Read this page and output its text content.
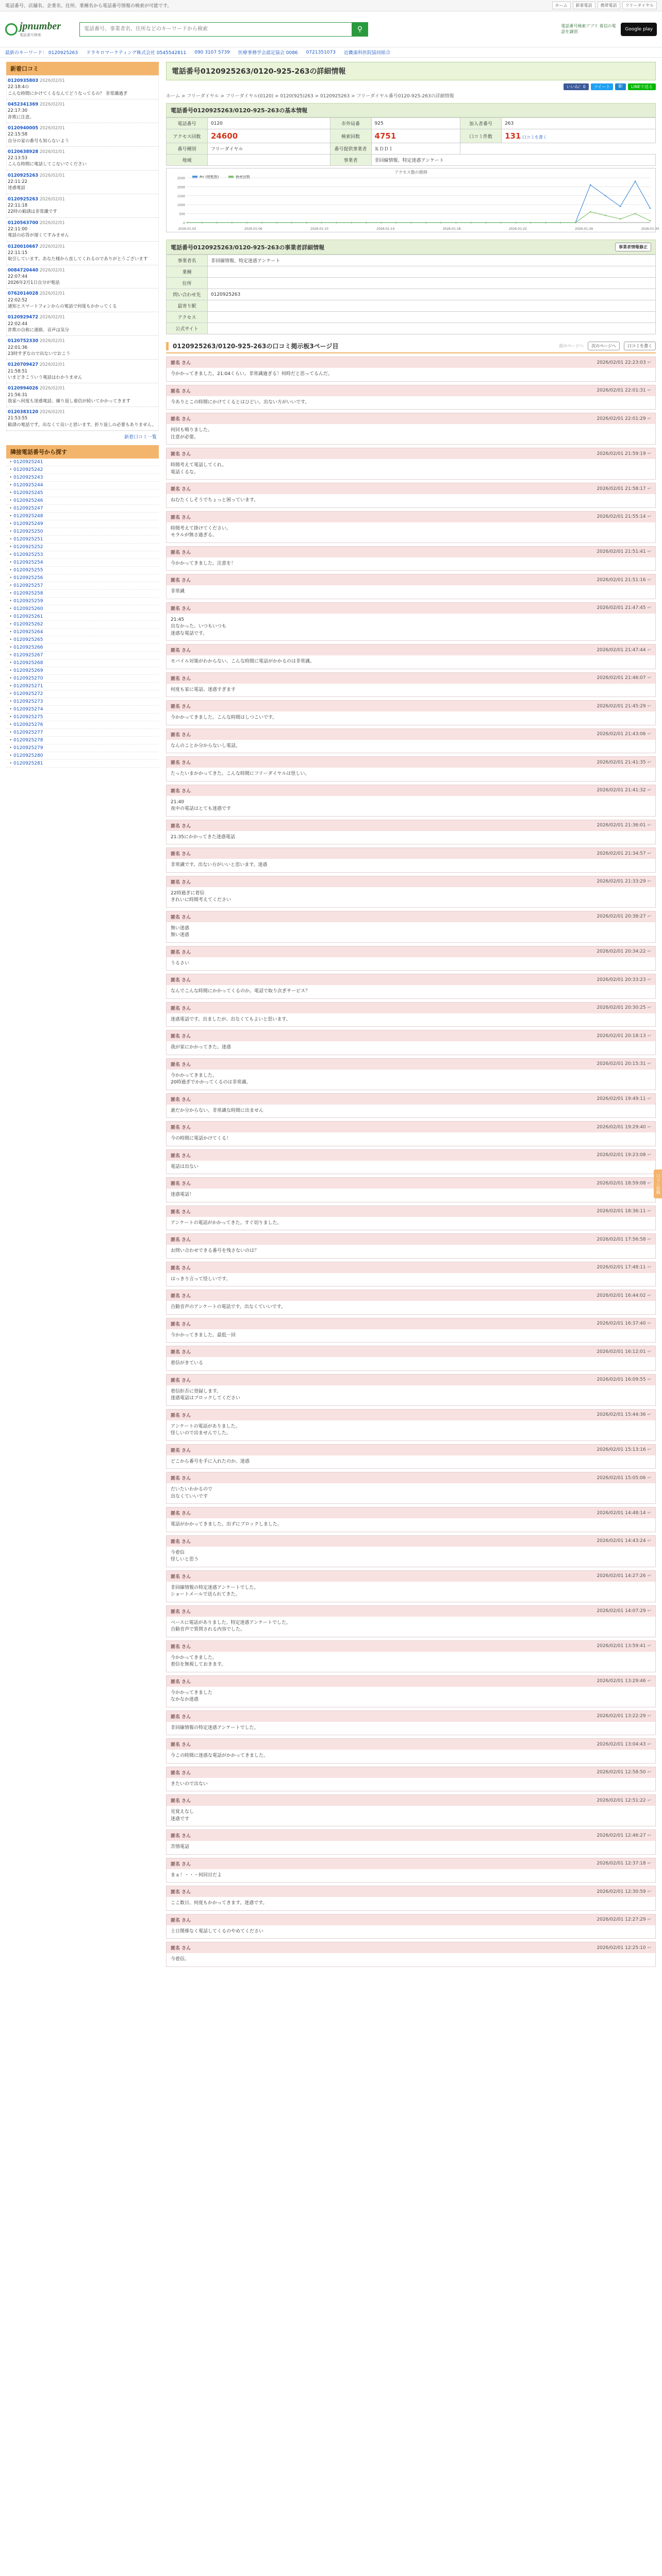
電話番号、店舗名、企業名、住所、業種名から電話番号情報の検索が可能です。	ホーム	新着電話	携帯電話	フリーダイヤル
jpnumber
電話番号検索
電話番号、事業者名、住所などのキーワードから検索
⚲	電話番号検索アプリ 着信の電話を識別	Google play
最新のキーワード： 0120925263 ドラキロマーケティング株式会社 0545542811 090 3107 5739 医療事務学会認定協会 0086 0721351073 近畿歯科医院協同組合
新着口コミ
0120935803 2026/02/01
22:18:4の
こんな時間にかけてくるなんてどうなってるの？ 非常識過ぎ
0452341369 2026/02/01
22:17:30
詐欺に注意。
0120940005 2026/02/01
22:15:58
自分の家の番号も知らないよう
0120638928 2026/02/01
22:13:53
こんな時間に電話してこないでください
0120925263 2026/02/01
22:11:22
迷惑電話
0120925263 2026/02/01
22:11:18
22時の勧誘は非常識です
0120563700 2026/02/01
22:11:00
電話の応答が遅くてすみません
0120010667 2026/02/01
22:11:15
取引しています。あなた様から直してくれるのでありがとうございます
0084720440 2026/02/01
22:07:44
2026年2月1日自分が電話
0762014028 2026/02/01
22:02:52
通知とスマートフォンからの電話で何度もかかってくる
0120929472 2026/02/01
22:02:44
詐欺の自称に連絡、音声は気分
0120752330 2026/02/01
22:01:36
23時すぎなので出ないでおこう
0120709427 2026/02/01
21:58:51
いまどきこういう電話はわかりません
0120994026 2026/02/01
21:56:31
我家へ何度も迷惑電話、繰り返し着信が続いてかかってきます
0120383120 2026/02/01
21:53:55
勧誘の電話です。出なくて良いと思います。折り返しの必要もありません。
新着口コミ一覧
隣接電話番号から探す
• 0120925241
• 0120925242
• 0120925243
• 0120925244
• 0120925245
• 0120925246
• 0120925247
• 0120925248
• 0120925249
• 0120925250
• 0120925251
• 0120925252
• 0120925253
• 0120925254
• 0120925255
• 0120925256
• 0120925257
• 0120925258
• 0120925259
• 0120925260
• 0120925261
• 0120925262
• 0120925264
• 0120925265
• 0120925266
• 0120925267
• 0120925268
• 0120925269
• 0120925270
• 0120925271
• 0120925272
• 0120925273
• 0120925274
• 0120925275
• 0120925276
• 0120925277
• 0120925278
• 0120925279
• 0120925280
• 0120925281
電話番号0120925263/0120-925-263の詳細情報
いいね！0	ツイート	B!	LINEで送る
ホーム > フリーダイヤル > フリーダイヤル(0120) > 0120(925)263 > 0120925263 > フリーダイヤル番号0120-925-263の詳細情報
電話番号0120925263/0120-925-263の基本情報
電話番号	0120	市外局番	925	加入者番号	263
アクセス回数	24600	検索回数	4751	口コミ件数	131 口コミを書く
番号種別	フリーダイヤル	番号提供事業者	ＫＤＤＩ		
地域		事業者	非回線情報、特定迷惑アンケート		
アクセス数の推移
PV (閲覧数)	検索回数
0
500
1000
1500
2000
2500
2026-01-02	2026-01-06	2026-01-10	2026-01-14	2026-01-18	2026-01-22	2026-01-26	2026-01-30
電話番号0120925263/0120-925-263の事業者詳細情報	事業者情報修正
事業者名	非回線情報、特定迷惑アンケート
業種	
住所	
問い合わせ先	0120925263
最寄り駅	
アクセス	
公式サイト	
0120925263/0120-925-263の口コミ掲示板3ページ目	前のページへ	次のページへ	口コミを書く
匿名 さん	2026/02/01 22:23:03 ↩
今かかってきました。21:04くらい。非常識過ぎる！何時だと思ってるんだ。
匿名 さん	2026/02/01 22:01:31 ↩
今ありとこの時間にかけてくるとはひどい。出ない方がいいです。
匿名 さん	2026/02/01 22:01:29 ↩
何回も鳴りました。
注意が必要。
匿名 さん	2026/02/01 21:59:19 ↩
時間考えて電話してくれ。
電話くるな。
匿名 さん	2026/02/01 21:58:17 ↩
ねむたくしそうでちょっと困っています。
匿名 さん	2026/02/01 21:55:14 ↩
時間考えて掛けてください。
モラルが無さ過ぎる。
匿名 さん	2026/02/01 21:51:41 ↩
今かかってきました。注意を！
匿名 さん	2026/02/01 21:51:16 ↩
非常識
匿名 さん	2026/02/01 21:47:45 ↩
21:45
出なかった。いつもいつも
迷惑な電話です。
匿名 さん	2026/02/01 21:47:44 ↩
モバイル対策がわからない。こんな時間に電話がかかるのは非常識。
匿名 さん	2026/02/01 21:46:07 ↩
何度も家に電話。迷惑すぎます
匿名 さん	2026/02/01 21:45:29 ↩
今かかってきました。こんな時間はしつこいです。
匿名 さん	2026/02/01 21:43:06 ↩
なんのことか分からないし電話。
匿名 さん	2026/02/01 21:41:35 ↩
たったいまかかってきた。こんな時間にフリーダイヤルは怪しい。
匿名 さん	2026/02/01 21:41:32 ↩
21:40
夜中の電話はとても迷惑です
匿名 さん	2026/02/01 21:36:01 ↩
21:35にかかってきた迷惑電話
匿名 さん	2026/02/01 21:34:57 ↩
非常識です。出ない方がいいと思います。迷惑
匿名 さん	2026/02/01 21:33:29 ↩
22時過ぎに着信
きれいに時間考えてください
匿名 さん	2026/02/01 20:38:27 ↩
無い迷惑
無い迷惑
匿名 さん	2026/02/01 20:34:22 ↩
うるさい
匿名 さん	2026/02/01 20:33:23 ↩
なんでこんな時間にかかってくるのか。電話で取り次ぎサービス？
匿名 さん	2026/02/01 20:30:25 ↩
迷惑電話です。出ましたが、出なくてもよいと思います。
匿名 さん	2026/02/01 20:18:13 ↩
我が家にかかってきた。迷惑
匿名 さん	2026/02/01 20:15:31 ↩
今かかってきました。
20時過ぎでかかってくるのは非常識。
匿名 さん	2026/02/01 19:49:11 ↩
誰だか分からない。非常識な時間に出ません
匿名 さん	2026/02/01 19:29:40 ↩
今の時間に電話かけてくる！
匿名 さん	2026/02/01 19:23:08 ↩
電話は出ない
匿名 さん	2026/02/01 18:59:08 ↩
迷惑電話！
匿名 さん	2026/02/01 18:36:11 ↩
アンケートの電話がかかってきた。すぐ切りました。
匿名 さん	2026/02/01 17:56:58 ↩
お問い合わせできる番号を残さないのは？
匿名 さん	2026/02/01 17:48:11 ↩
はっきり言って怪しいです。
匿名 さん	2026/02/01 16:44:02 ↩
自動音声のアンケートの電話です。出なくていいです。
匿名 さん	2026/02/01 16:37:40 ↩
今かかってきました。最低一回
匿名 さん	2026/02/01 16:12:01 ↩
着信がきている
匿名 さん	2026/02/01 16:09:55 ↩
着信拒否に登録します。
迷惑電話はブロックしてください
匿名 さん	2026/02/01 15:44:36 ↩
アンケートの電話がありました。
怪しいので出ませんでした。
匿名 さん	2026/02/01 15:13:16 ↩
どこから番号を手に入れたのか。迷惑
匿名 さん	2026/02/01 15:05:06 ↩
だいたいわかるので
出なくていいです
匿名 さん	2026/02/01 14:48:14 ↩
電話がかかってきました。出ずにブロックしました。
匿名 さん	2026/02/01 14:43:24 ↩
今着信
怪しいと思う
匿名 さん	2026/02/01 14:27:26 ↩
非回線情報の特定迷惑アンケートでした。
ショートメールで送られてきた。
匿名 さん	2026/02/01 14:07:29 ↩
ベースに電話がありました。特定迷惑アンケートでした。
自動音声で質問される内容でした。
匿名 さん	2026/02/01 13:59:41 ↩
今かかってきました。
着信を無視しておきます。
匿名 さん	2026/02/01 13:29:46 ↩
今かかってきました
なかなか迷惑
匿名 さん	2026/02/01 13:22:29 ↩
非回線情報の特定迷惑アンケートでした。
匿名 さん	2026/02/01 13:04:43 ↩
今この時間に迷惑な電話がかかってきました。
匿名 さん	2026/02/01 12:58:50 ↩
きたいので出ない
匿名 さん	2026/02/01 12:51:22 ↩
見覚えなし
迷惑です
匿名 さん	2026/02/01 12:46:27 ↩
苦情電話
匿名 さん	2026/02/01 12:37:18 ↩
まぁ！・・・何回目だよ
匿名 さん	2026/02/01 12:30:59 ↩
ここ数日、何度もかかってきます。迷惑です。
匿名 さん	2026/02/01 12:27:29 ↩
土日関係なく電話してくるのやめてください
匿名 さん	2026/02/01 12:25:10 ↩
今着信。
口コミ投稿
